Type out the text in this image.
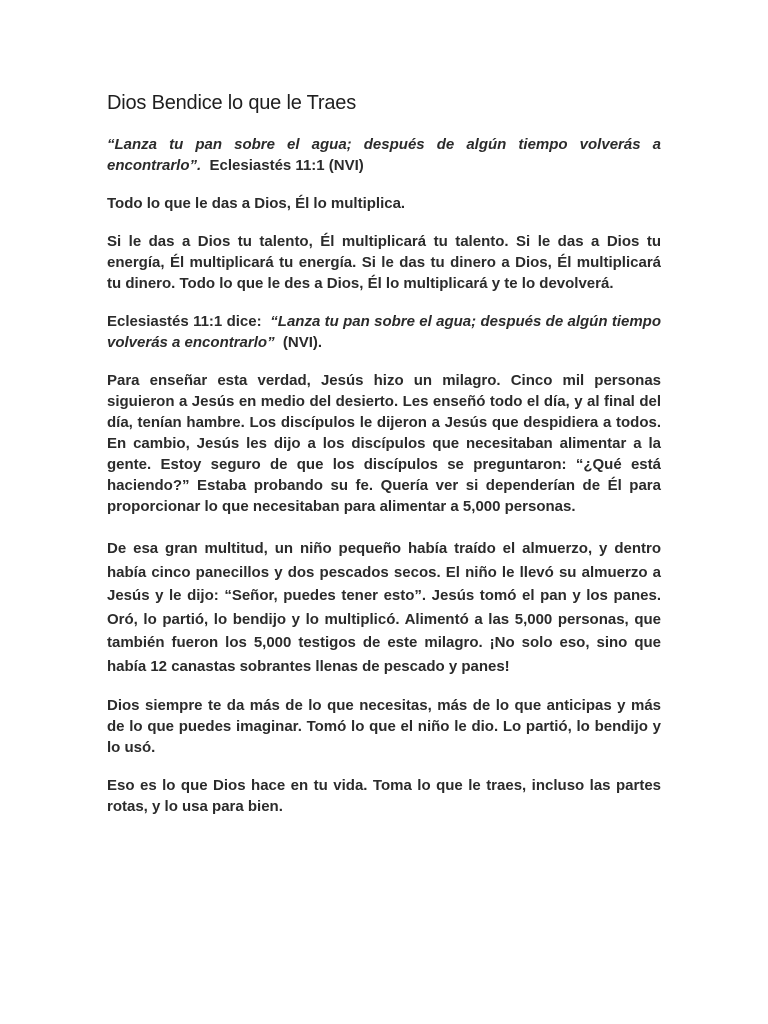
Dios Bendice lo que le Traes

“Lanza tu pan sobre el agua; después de algún tiempo volverás a encontrarlo”. Eclesiastés 11:1 (NVI)

Todo lo que le das a Dios, Él lo multiplica.

Si le das a Dios tu talento, Él multiplicará tu talento. Si le das a Dios tu energía, Él multiplicará tu energía. Si le das tu dinero a Dios, Él multiplicará tu dinero. Todo lo que le des a Dios, Él lo multiplicará y te lo devolverá.

Eclesiastés 11:1 dice: “Lanza tu pan sobre el agua; después de algún tiempo volverás a encontrarlo” (NVI).

Para enseñar esta verdad, Jesús hizo un milagro. Cinco mil personas siguieron a Jesús en medio del desierto. Les enseñó todo el día, y al final del día, tenían hambre. Los discípulos le dijeron a Jesús que despidiera a todos. En cambio, Jesús les dijo a los discípulos que necesitaban alimentar a la gente. Estoy seguro de que los discípulos se preguntaron: “¿Qué está haciendo?” Estaba probando su fe. Quería ver si dependerían de Él para proporcionar lo que necesitaban para alimentar a 5,000 personas.

De esa gran multitud, un niño pequeño había traído el almuerzo, y dentro había cinco panecillos y dos pescados secos. El niño le llevó su almuerzo a Jesús y le dijo: “Señor, puedes tener esto”. Jesús tomó el pan y los panes. Oró, lo partió, lo bendijo y lo multiplicó. Alimentó a las 5,000 personas, que también fueron los 5,000 testigos de este milagro. ¡No solo eso, sino que había 12 canastas sobrantes llenas de pescado y panes!

Dios siempre te da más de lo que necesitas, más de lo que anticipas y más de lo que puedes imaginar. Tomó lo que el niño le dio. Lo partió, lo bendijo y lo usó.

Eso es lo que Dios hace en tu vida. Toma lo que le traes, incluso las partes rotas, y lo usa para bien.
